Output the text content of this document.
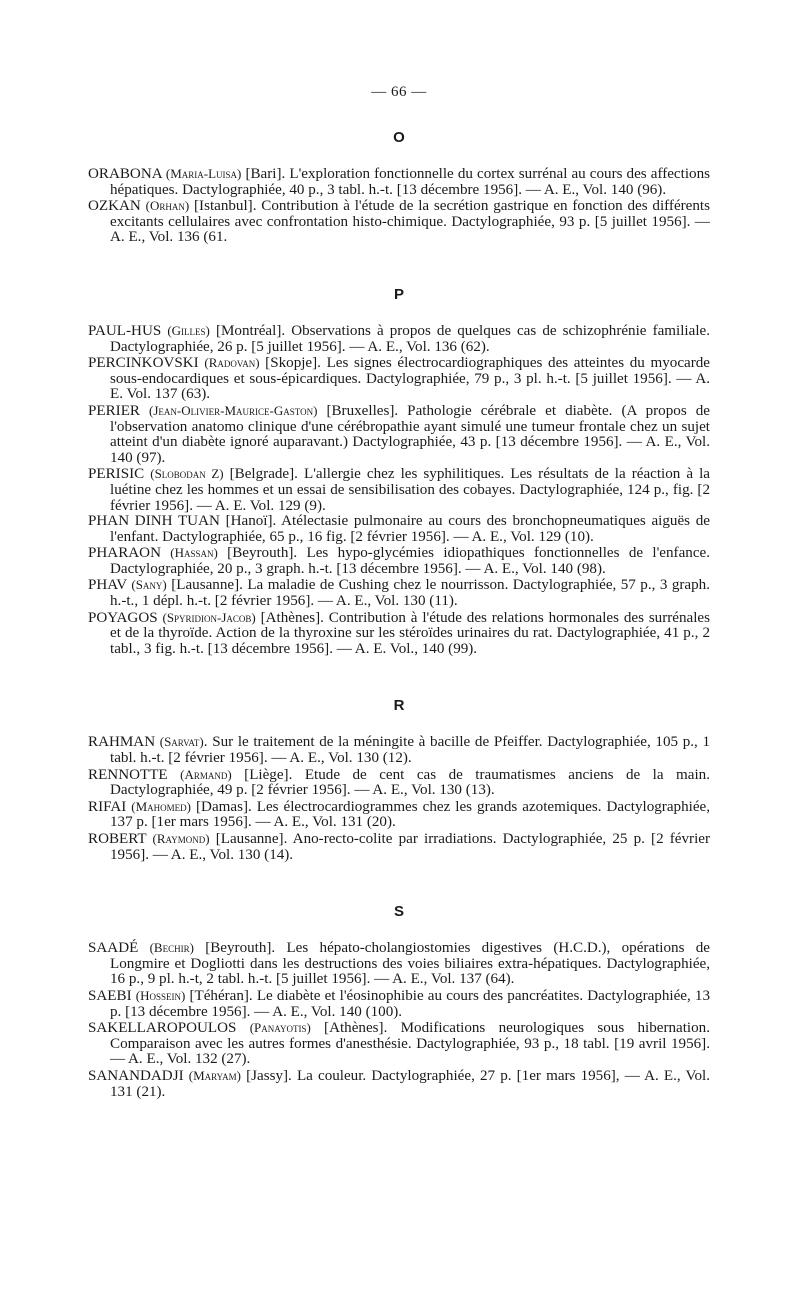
— 66 —
O

ORABONA (Maria-Luisa) [Bari]. L'exploration fonctionnelle du cortex surrénal au cours des affections hépatiques. Dactylographiée, 40 p., 3 tabl. h.-t. [13 décembre 1956]. — A. E., Vol. 140 (96).

OZKAN (Orhan) [Istanbul]. Contribution à l'étude de la secrétion gastrique en fonction des différents excitants cellulaires avec confrontation histo-chimique. Dactylographiée, 93 p. [5 juillet 1956]. — A. E., Vol. 136 (61.

P

PAUL-HUS (Gilles) [Montréal]. Observations à propos de quelques cas de schizophrénie familiale. Dactylographiée, 26 p. [5 juillet 1956]. — A. E., Vol. 136 (62).

PERCINKOVSKI (Radovan) [Skopje]. Les signes électrocardiographiques des atteintes du myocarde sous-endocardiques et sous-épicardiques. Dactylographiée, 79 p., 3 pl. h.-t. [5 juillet 1956]. — A. E. Vol. 137 (63).

PERIER (Jean-Olivier-Maurice-Gaston) [Bruxelles]. Pathologie cérébrale et diabète. (A propos de l'observation anatomo clinique d'une cérébropathie ayant simulé une tumeur frontale chez un sujet atteint d'un diabète ignoré auparavant.) Dactylographiée, 43 p. [13 décembre 1956]. — A. E., Vol. 140 (97).

PERISIC (Slobodan Z) [Belgrade]. L'allergie chez les syphilitiques. Les résultats de la réaction à la luétine chez les hommes et un essai de sensibilisation des cobayes. Dactylographiée, 124 p., fig. [2 février 1956]. — A. E. Vol. 129 (9).

PHAN DINH TUAN [Hanoï]. Atélectasie pulmonaire au cours des bronchopneumatiques aiguës de l'enfant. Dactylographiée, 65 p., 16 fig. [2 février 1956]. — A. E., Vol. 129 (10).

PHARAON (Hassan) [Beyrouth]. Les hypo-glycémies idiopathiques fonctionnelles de l'enfance. Dactylographiée, 20 p., 3 graph. h.-t. [13 décembre 1956]. — A. E., Vol. 140 (98).

PHAV (Sany) [Lausanne]. La maladie de Cushing chez le nourrisson. Dactylographiée, 57 p., 3 graph. h.-t., 1 dépl. h.-t. [2 février 1956]. — A. E., Vol. 130 (11).

POYAGOS (Spyridion-Jacob) [Athènes]. Contribution à l'étude des relations hormonales des surrénales et de la thyroïde. Action de la thyroxine sur les stéroïdes urinaires du rat. Dactylographiée, 41 p., 2 tabl., 3 fig. h.-t. [13 décembre 1956]. — A. E. Vol., 140 (99).

R

RAHMAN (Sarvat). Sur le traitement de la méningite à bacille de Pfeiffer. Dactylographiée, 105 p., 1 tabl. h.-t. [2 février 1956]. — A. E., Vol. 130 (12).

RENNOTTE (Armand) [Liège]. Etude de cent cas de traumatismes anciens de la main. Dactylographiée, 49 p. [2 février 1956]. — A. E., Vol. 130 (13).

RIFAI (Mahomed) [Damas]. Les électrocardiogrammes chez les grands azotemiques. Dactylographiée, 137 p. [1er mars 1956]. — A. E., Vol. 131 (20).

ROBERT (Raymond) [Lausanne]. Ano-recto-colite par irradiations. Dactylographiée, 25 p. [2 février 1956]. — A. E., Vol. 130 (14).

S

SAADÉ (Bechir) [Beyrouth]. Les hépato-cholangiostomies digestives (H.C.D.), opérations de Longmire et Dogliotti dans les destructions des voies biliaires extra-hépatiques. Dactylographiée, 16 p., 9 pl. h.-t, 2 tabl. h.-t. [5 juillet 1956]. — A. E., Vol. 137 (64).

SAEBI (Hossein) [Téhéran]. Le diabète et l'éosinophibie au cours des pancréatites. Dactylographiée, 13 p. [13 décembre 1956]. — A. E., Vol. 140 (100).

SAKELLAROPOULOS (Panayotis) [Athènes]. Modifications neurologiques sous hibernation. Comparaison avec les autres formes d'anesthésie. Dactylographiée, 93 p., 18 tabl. [19 avril 1956]. — A. E., Vol. 132 (27).

SANANDADJI (Maryam) [Jassy]. La couleur. Dactylographiée, 27 p. [1er mars 1956], — A. E., Vol. 131 (21).
